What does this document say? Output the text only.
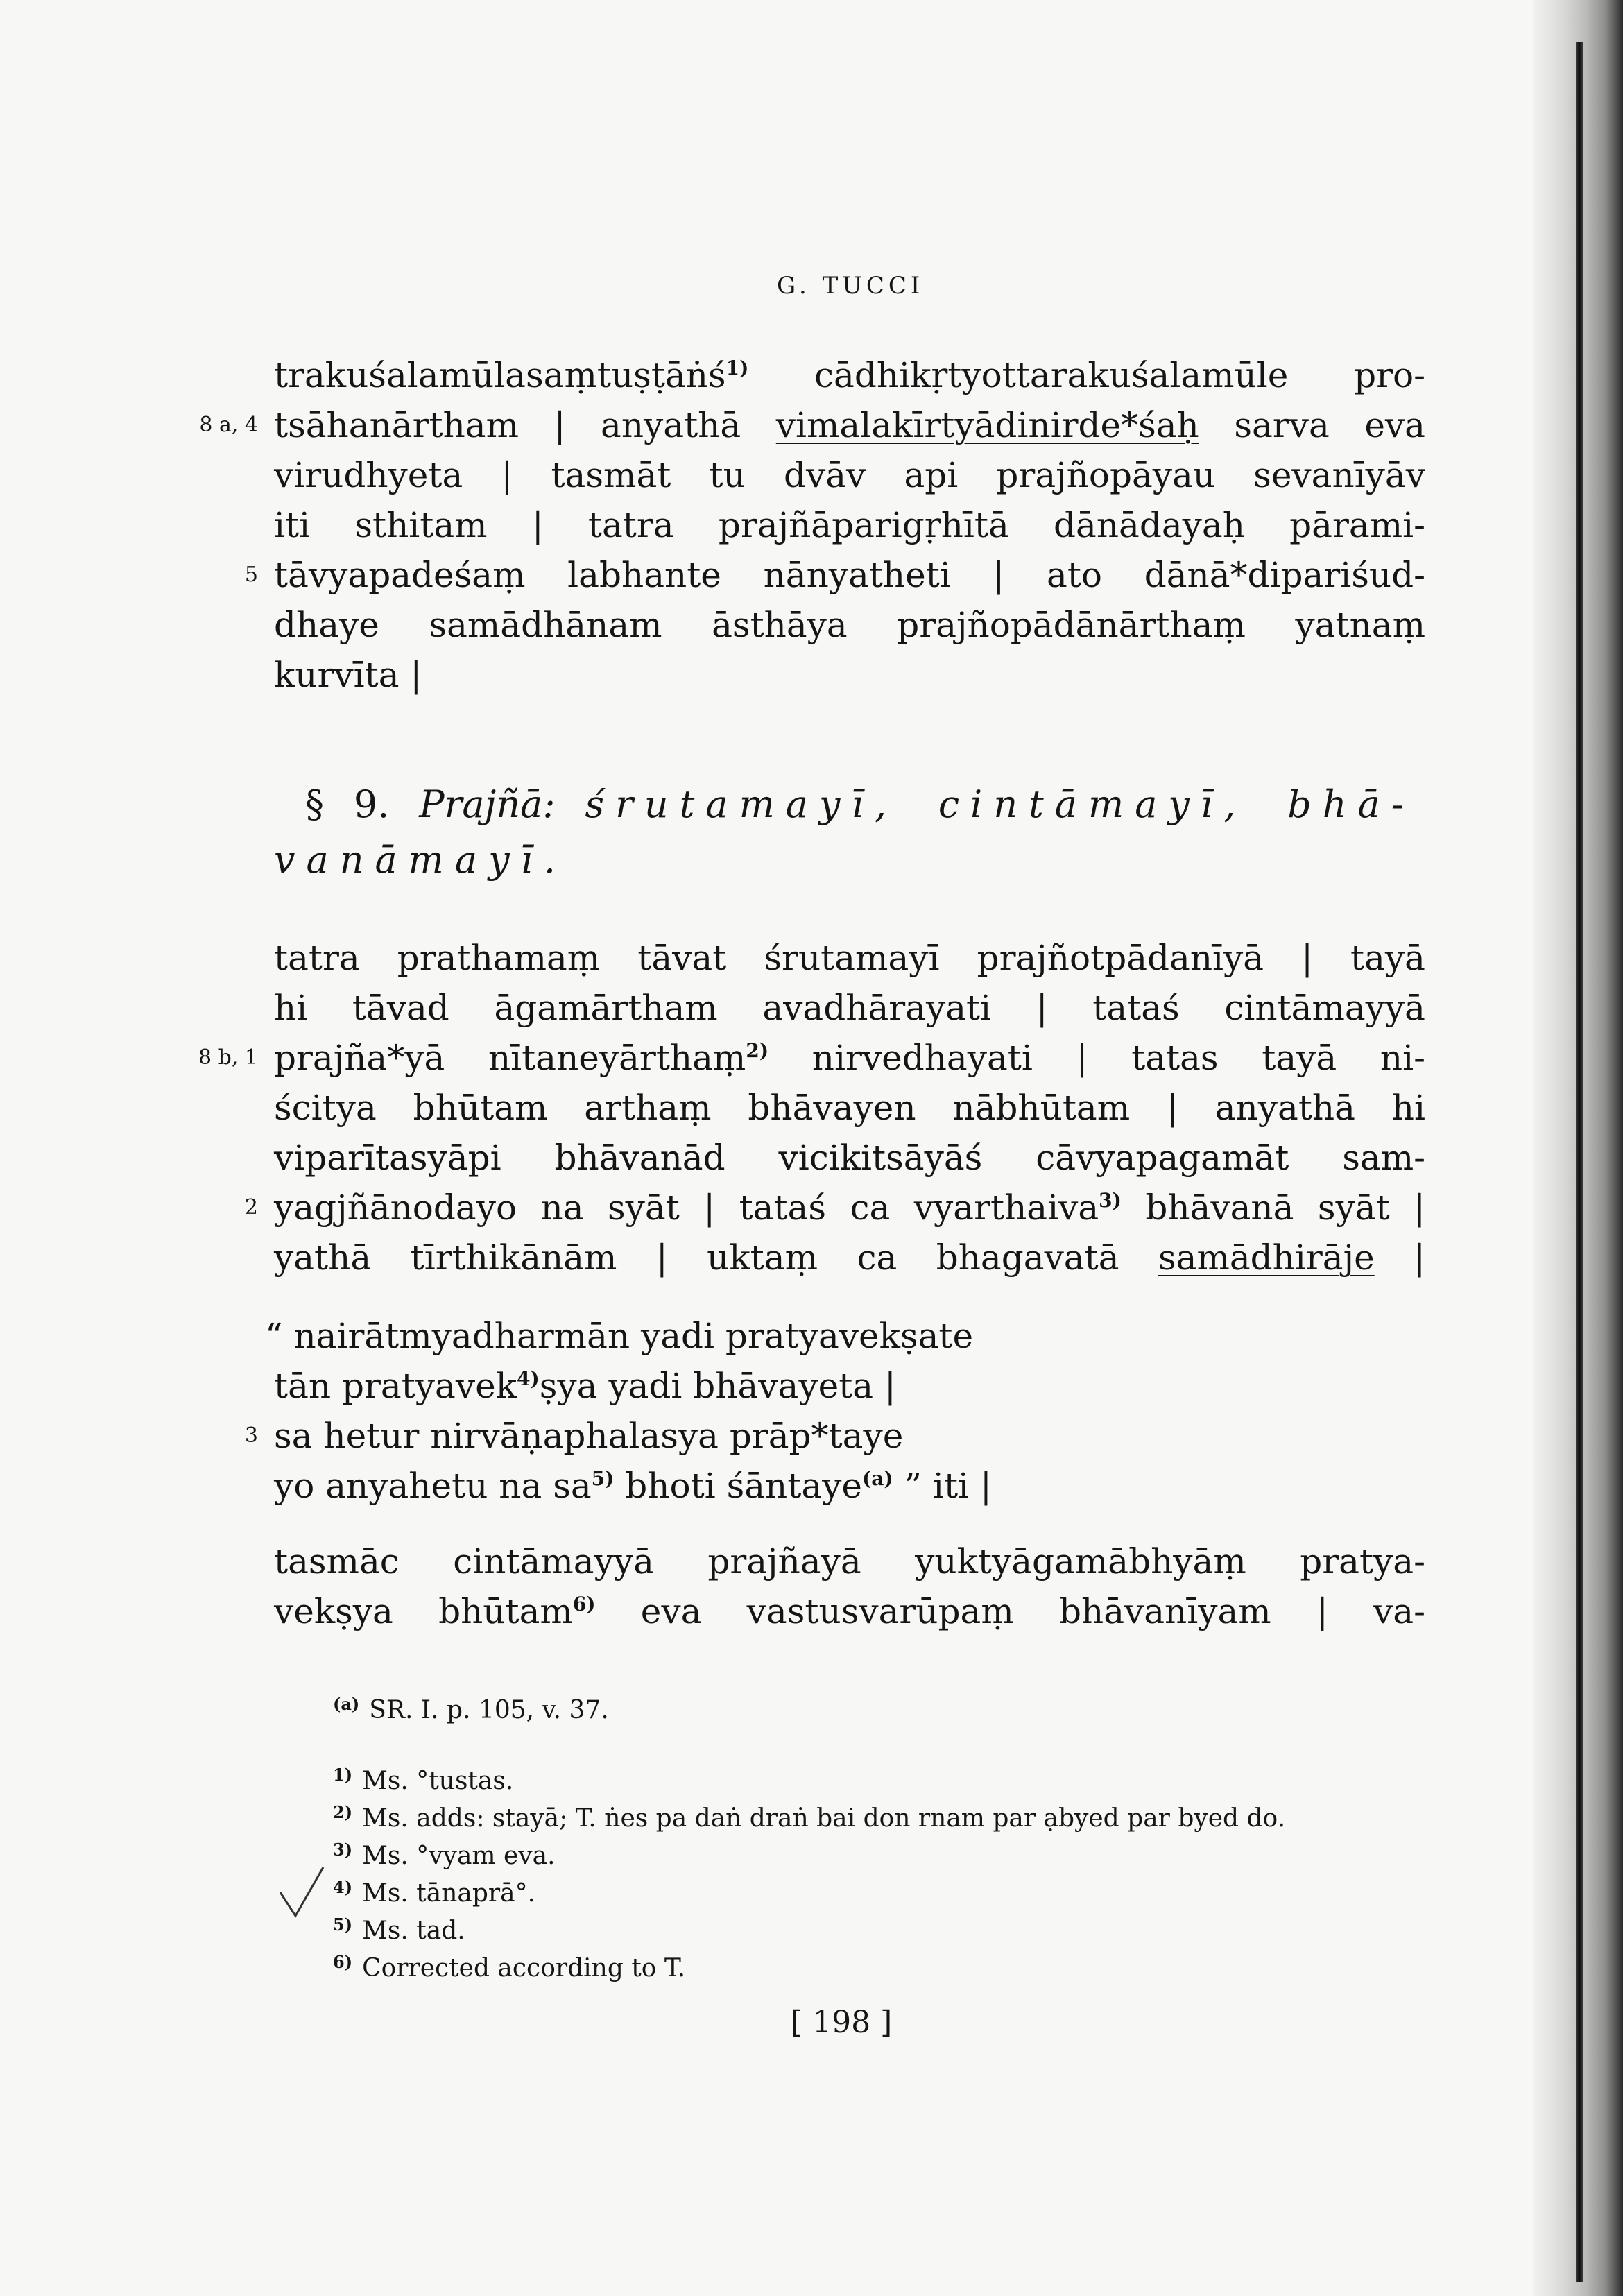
G. TUCCI
trakuśalamūlasaṃtuṣṭāṅś$^{1)}$ cādhikṛtyottarakuśalamūle pro-
8 a, 4 tsāhanārtham | anyathā vimalakīrtyādinirde*śaḥ sarva eva
virudhyeta | tasmāt tu dvāv api prajñopāyau sevanīyāv
iti sthitam | tatra prajñāparigṛhītā dānādayaḥ pārami-
5 tāvyapadeśaṃ labhante nānyatheti | ato dānā*dipariśud-
dhaye samādhānam āsthāya prajñopādānārthaṃ yatnaṃ
kurvīta |
§ 9. Prajñā: śrutamayī, cintāmayī, bhā-
vanāmayī.
tatra prathamaṃ tāvat śrutamayī prajñotpādanīyā | tayā
hi tāvad āgamārtham avadhārayati | tataś cintāmayyā
8 b, 1 prajña*yā nītaneyārthaṃ$^{2)}$ nirvedhayati | tatas tayā ni-
ścitya bhūtam arthaṃ bhāvayen nābhūtam | anyathā hi
viparītasyāpi bhāvanād vicikitsāyāś cāvyapagamāt sam-
2 yagjñānodayo na syāt | tataś ca vyarthaiva$^{3)}$ bhāvanā syāt |
yathā tīrthikānām | uktaṃ ca bhagavatā samādhirāje |
“ nairātmyadharmān yadi pratyavekṣate
tān pratyavek$^{4)}$ṣya yadi bhāvayeta |
3 sa hetur nirvāṇaphalasya prāp*taye
yo anyahetu na $sa^{5)}$ bhoti śāntaye$^{(a)}$ ” iti |
tasmāc cintāmayyā prajñayā yuktyāgamābhyāṃ pratya-
vekṣya bhūtam$^{6)}$ eva vastusvarūpaṃ bhāvanīyam | va-
$^{(a)}$ SR. I. p. 105, v. 37.
$^{1)}$ Ms. °tustas.
$^{2)}$ Ms. adds: stayā; T. ṅes pa daṅ draṅ bai don rnam par ạbyed par byed do.
$^{3)}$ Ms. °vyam eva.
$^{4)}$ Ms. tānaprā°.
$^{5)}$ Ms. tad.
$^{6)}$ Corrected according to T.
[ 198 ]
